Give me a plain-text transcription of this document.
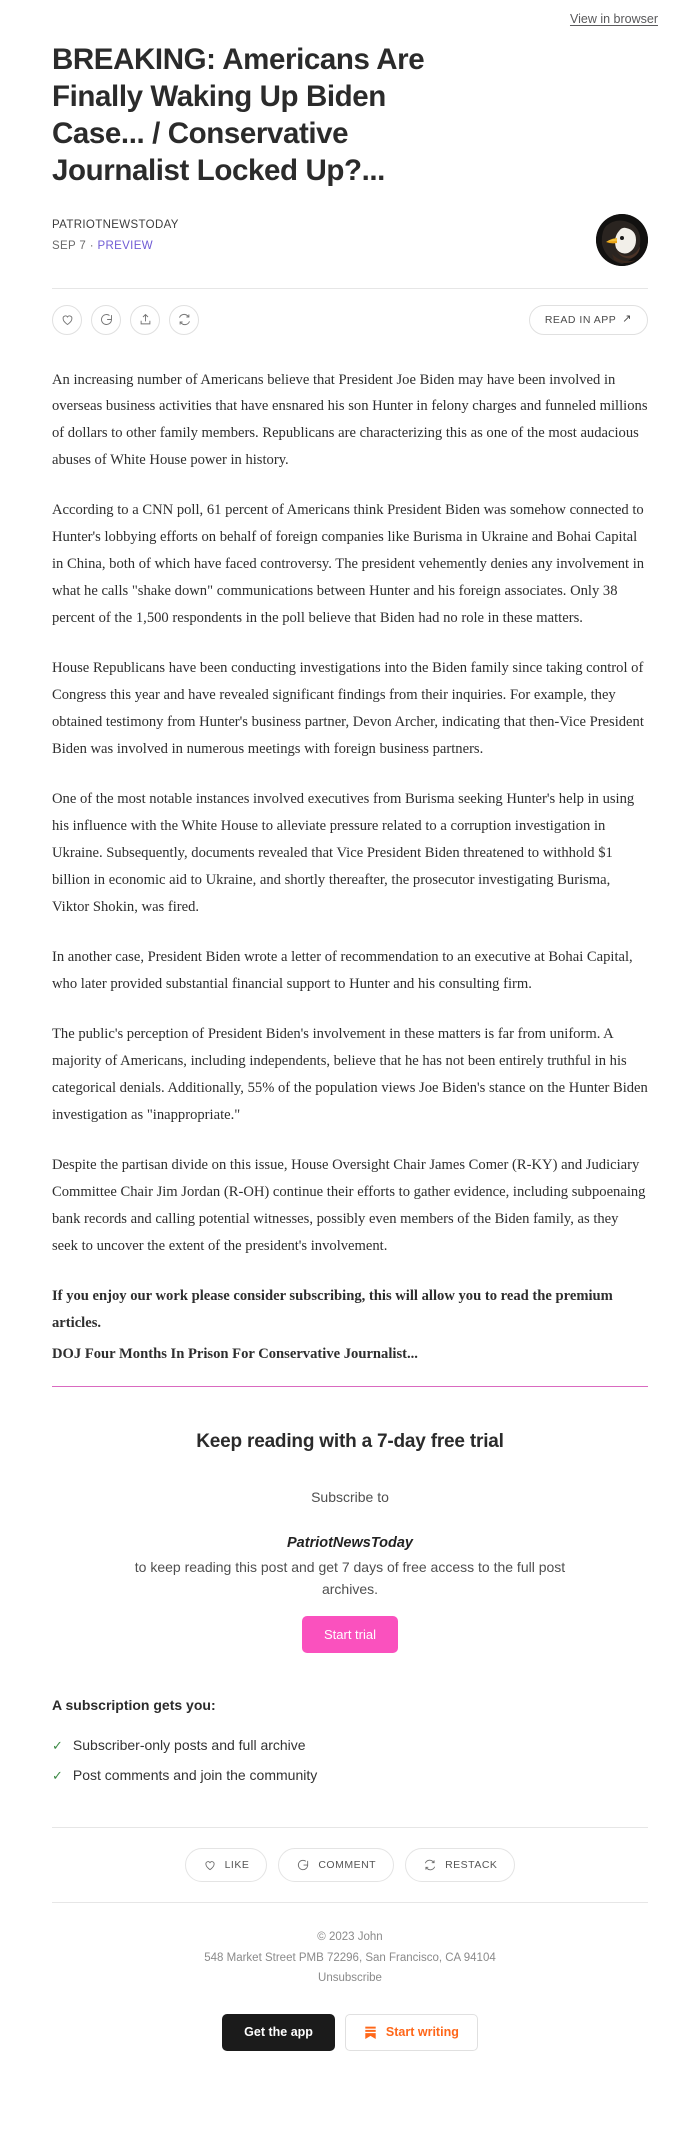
View in browser
BREAKING: Americans Are Finally Waking Up Biden Case... / Conservative Journalist Locked Up?...
PATRIOTNEWSTODAY
SEP 7 · PREVIEW
READ IN APP ↗

An increasing number of Americans believe that President Joe Biden may have been involved in overseas business activities that have ensnared his son Hunter in felony charges and funneled millions of dollars to other family members. Republicans are characterizing this as one of the most audacious abuses of White House power in history.

According to a CNN poll, 61 percent of Americans think President Biden was somehow connected to Hunter's lobbying efforts on behalf of foreign companies like Burisma in Ukraine and Bohai Capital in China, both of which have faced controversy. The president vehemently denies any involvement in what he calls "shake down" communications between Hunter and his foreign associates. Only 38 percent of the 1,500 respondents in the poll believe that Biden had no role in these matters.

House Republicans have been conducting investigations into the Biden family since taking control of Congress this year and have revealed significant findings from their inquiries. For example, they obtained testimony from Hunter's business partner, Devon Archer, indicating that then-Vice President Biden was involved in numerous meetings with foreign business partners.

One of the most notable instances involved executives from Burisma seeking Hunter's help in using his influence with the White House to alleviate pressure related to a corruption investigation in Ukraine. Subsequently, documents revealed that Vice President Biden threatened to withhold $1 billion in economic aid to Ukraine, and shortly thereafter, the prosecutor investigating Burisma, Viktor Shokin, was fired.

In another case, President Biden wrote a letter of recommendation to an executive at Bohai Capital, who later provided substantial financial support to Hunter and his consulting firm.

The public's perception of President Biden's involvement in these matters is far from uniform. A majority of Americans, including independents, believe that he has not been entirely truthful in his categorical denials. Additionally, 55% of the population views Joe Biden's stance on the Hunter Biden investigation as "inappropriate."

Despite the partisan divide on this issue, House Oversight Chair James Comer (R-KY) and Judiciary Committee Chair Jim Jordan (R-OH) continue their efforts to gather evidence, including subpoenaing bank records and calling potential witnesses, possibly even members of the Biden family, as they seek to uncover the extent of the president's involvement.

If you enjoy our work please consider subscribing, this will allow you to read the premium articles.

DOJ Four Months In Prison For Conservative Journalist...

Keep reading with a 7-day free trial
Subscribe to
PatriotNewsToday
to keep reading this post and get 7 days of free access to the full post archives.
Start trial
A subscription gets you:
✓ Subscriber-only posts and full archive
✓ Post comments and join the community
LIKE	COMMENT	RESTACK
© 2023 John
548 Market Street PMB 72296, San Francisco, CA 94104
Unsubscribe
Get the app	Start writing
